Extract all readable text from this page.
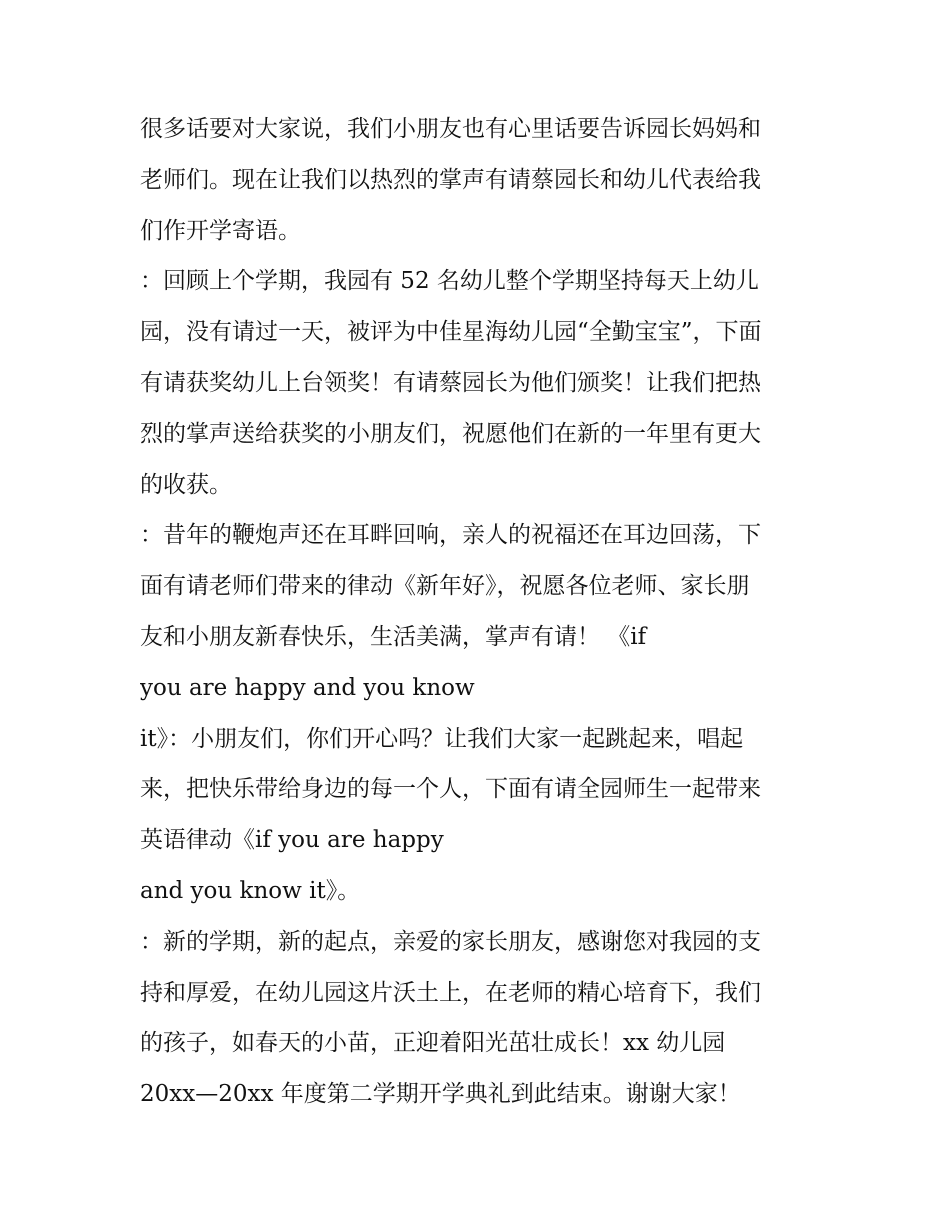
很多话要对大家说，我们小朋友也有心里话要告诉园长妈妈和
老师们。现在让我们以热烈的掌声有请蔡园长和幼儿代表给我
们作开学寄语。
：回顾上个学期，我园有 52 名幼儿整个学期坚持每天上幼儿
园，没有请过一天，被评为中佳星海幼儿园“全勤宝宝”，下面
有请获奖幼儿上台领奖！有请蔡园长为他们颁奖！让我们把热
烈的掌声送给获奖的小朋友们，祝愿他们在新的一年里有更大
的收获。
：昔年的鞭炮声还在耳畔回响，亲人的祝福还在耳边回荡，下
面有请老师们带来的律动《新年好》，祝愿各位老师、家长朋
友和小朋友新春快乐，生活美满，掌声有请！ 《if
you are happy and you know
it》：小朋友们，你们开心吗？让我们大家一起跳起来，唱起
来，把快乐带给身边的每一个人，下面有请全园师生一起带来
英语律动《if you are happy
and you know it》。
：新的学期，新的起点，亲爱的家长朋友，感谢您对我园的支
持和厚爱，在幼儿园这片沃土上，在老师的精心培育下，我们
的孩子，如春天的小苗，正迎着阳光茁壮成长！xx 幼儿园
20xx—20xx 年度第二学期开学典礼到此结束。谢谢大家！
